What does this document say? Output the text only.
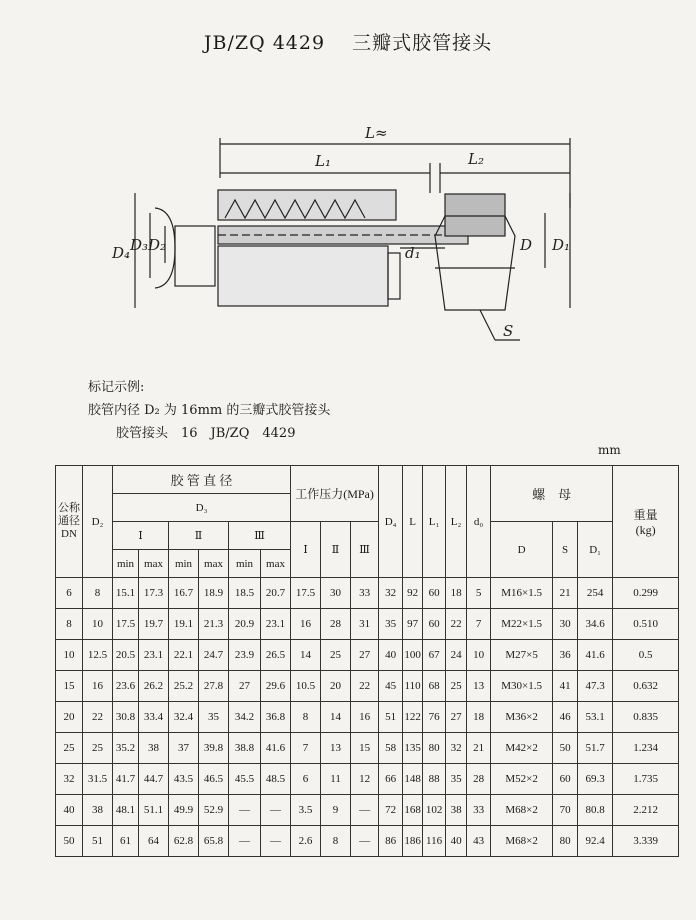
JB/ZQ 4429 三瓣式胶管接头
L≈
L₁	L₂
D₄ D₃ D₂	d₁	D D₁
S
标记示例:
胶管内径 D₂ 为 16mm 的三瓣式胶管接头
胶管接头　16　JB/ZQ　4429
mm
公称通径DN	D₂	胶 管 直 径						工作压力(MPa)			D₄	L	L₁	L₂	d₀	螺　母			重量(kg)
		D₃																	
		Ⅰ		Ⅱ		Ⅲ		Ⅰ	Ⅱ	Ⅲ						D	S	D₁	
		min	max	min	max	min	max												
6	8	15.1	17.3	16.7	18.9	18.5	20.7	17.5	30	33	32	92	60	18	5	M16×1.5	21	254	0.299
8	10	17.5	19.7	19.1	21.3	20.9	23.1	16	28	31	35	97	60	22	7	M22×1.5	30	34.6	0.510
10	12.5	20.5	23.1	22.1	24.7	23.9	26.5	14	25	27	40	100	67	24	10	M27×5	36	41.6	0.5
15	16	23.6	26.2	25.2	27.8	27	29.6	10.5	20	22	45	110	68	25	13	M30×1.5	41	47.3	0.632
20	22	30.8	33.4	32.4	35	34.2	36.8	8	14	16	51	122	76	27	18	M36×2	46	53.1	0.835
25	25	35.2	38	37	39.8	38.8	41.6	7	13	15	58	135	80	32	21	M42×2	50	51.7	1.234
32	31.5	41.7	44.7	43.5	46.5	45.5	48.5	6	11	12	66	148	88	35	28	M52×2	60	69.3	1.735
40	38	48.1	51.1	49.9	52.9	—	—	3.5	9	—	72	168	102	38	33	M68×2	70	80.8	2.212
50	51	61	64	62.8	65.8	—	—	2.6	8	—	86	186	116	40	43	M68×2	80	92.4	3.339
